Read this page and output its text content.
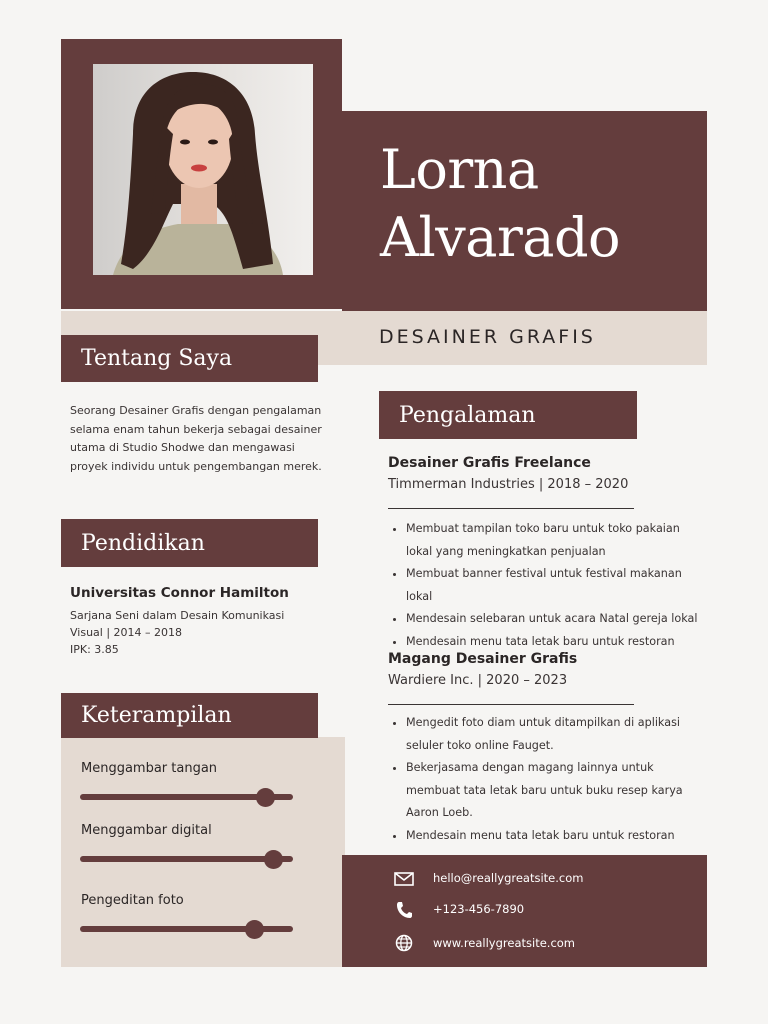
Lorna
Alvarado
DESAINER GRAFIS
Tentang Saya
Seorang Desainer Grafis dengan pengalaman selama enam tahun bekerja sebagai desainer utama di Studio Shodwe dan mengawasi proyek individu untuk pengembangan merek.
Pendidikan
Universitas Connor Hamilton
Sarjana Seni dalam Desain Komunikasi
Visual | 2014 – 2018
IPK: 3.85
Keterampilan
Menggambar tangan
Menggambar digital
Pengeditan foto
Pengalaman
Desainer Grafis Freelance
Timmerman Industries | 2018 – 2020
• Membuat tampilan toko baru untuk toko pakaian lokal yang meningkatkan penjualan
• Membuat banner festival untuk festival makanan lokal
• Mendesain selebaran untuk acara Natal gereja lokal
• Mendesain menu tata letak baru untuk restoran
Magang Desainer Grafis
Wardiere Inc. | 2020 – 2023
• Mengedit foto diam untuk ditampilkan di aplikasi seluler toko online Fauget.
• Bekerjasama dengan magang lainnya untuk membuat tata letak baru untuk buku resep karya Aaron Loeb.
• Mendesain menu tata letak baru untuk restoran
hello@reallygreatsite.com
+123-456-7890
www.reallygreatsite.com
